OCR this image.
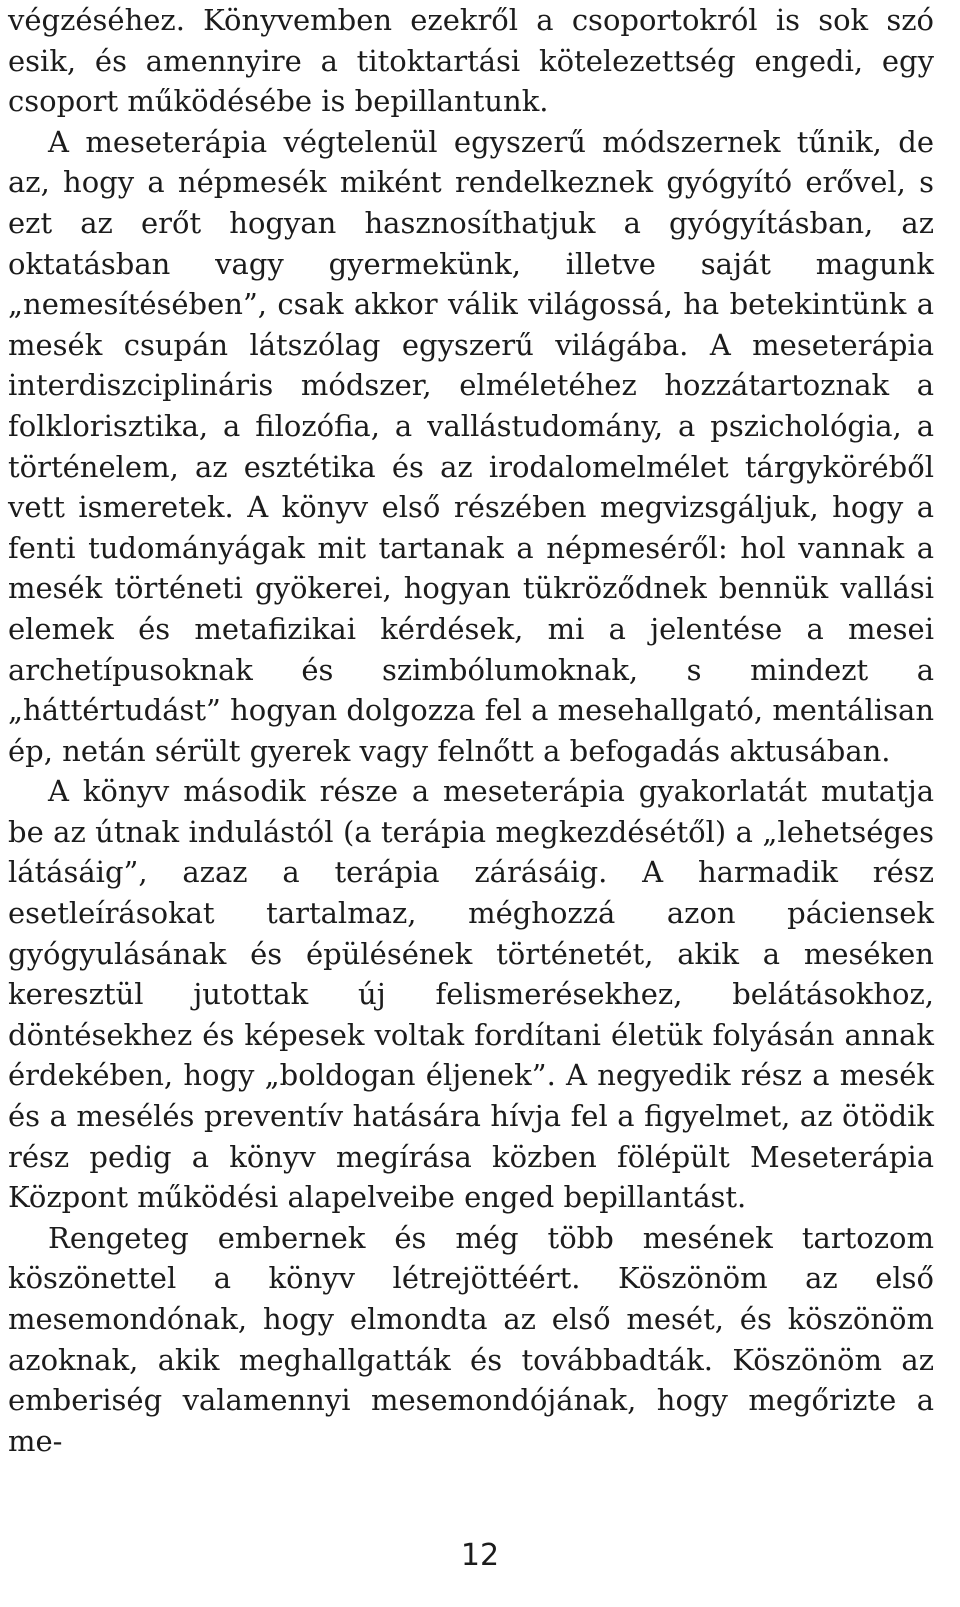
végzéséhez. Könyvemben ezekről a csoportokról is sok szó esik, és amennyire a titoktartási kötelezettség engedi, egy csoport működésébe is bepillantunk.

A meseterápia végtelenül egyszerű módszernek tűnik, de az, hogy a népmesék miként rendelkeznek gyógyító erővel, s ezt az erőt hogyan hasznosíthatjuk a gyógyításban, az oktatásban vagy gyermekünk, illetve saját magunk „nemesítésében”, csak akkor válik világossá, ha betekintünk a mesék csupán látszólag egyszerű világába. A meseterápia interdiszciplináris módszer, elméletéhez hozzátartoznak a folklorisztika, a filozófia, a vallástudomány, a pszichológia, a történelem, az esztétika és az irodalomelmélet tárgyköréből vett ismeretek. A könyv első részében megvizsgáljuk, hogy a fenti tudományágak mit tartanak a népmeséről: hol vannak a mesék történeti gyökerei, hogyan tükröződnek bennük vallási elemek és metafizikai kérdések, mi a jelentése a mesei archetípusoknak és szimbólumoknak, s mindezt a „háttértudást” hogyan dolgozza fel a mesehallgató, mentálisan ép, netán sérült gyerek vagy felnőtt a befogadás aktusában.

A könyv második része a meseterápia gyakorlatát mutatja be az útnak indulástól (a terápia megkezdésétől) a „lehetséges látásáig”, azaz a terápia zárásáig. A harmadik rész esetleírásokat tartalmaz, méghozzá azon páciensek gyógyulásának és épülésének történetét, akik a meséken keresztül jutottak új felismerésekhez, belátásokhoz, döntésekhez és képesek voltak fordítani életük folyásán annak érdekében, hogy „boldogan éljenek”. A negyedik rész a mesék és a mesélés preventív hatására hívja fel a figyelmet, az ötödik rész pedig a könyv megírása közben fölépült Meseterápia Központ működési alapelveibe enged bepillantást.

Rengeteg embernek és még több mesének tartozom köszönettel a könyv létrejöttéért. Köszönöm az első mesemondónak, hogy elmondta az első mesét, és köszönöm azoknak, akik meghallgatták és továbbadták. Köszönöm az emberiség valamennyi mesemondójának, hogy megőrizte a me-

12
